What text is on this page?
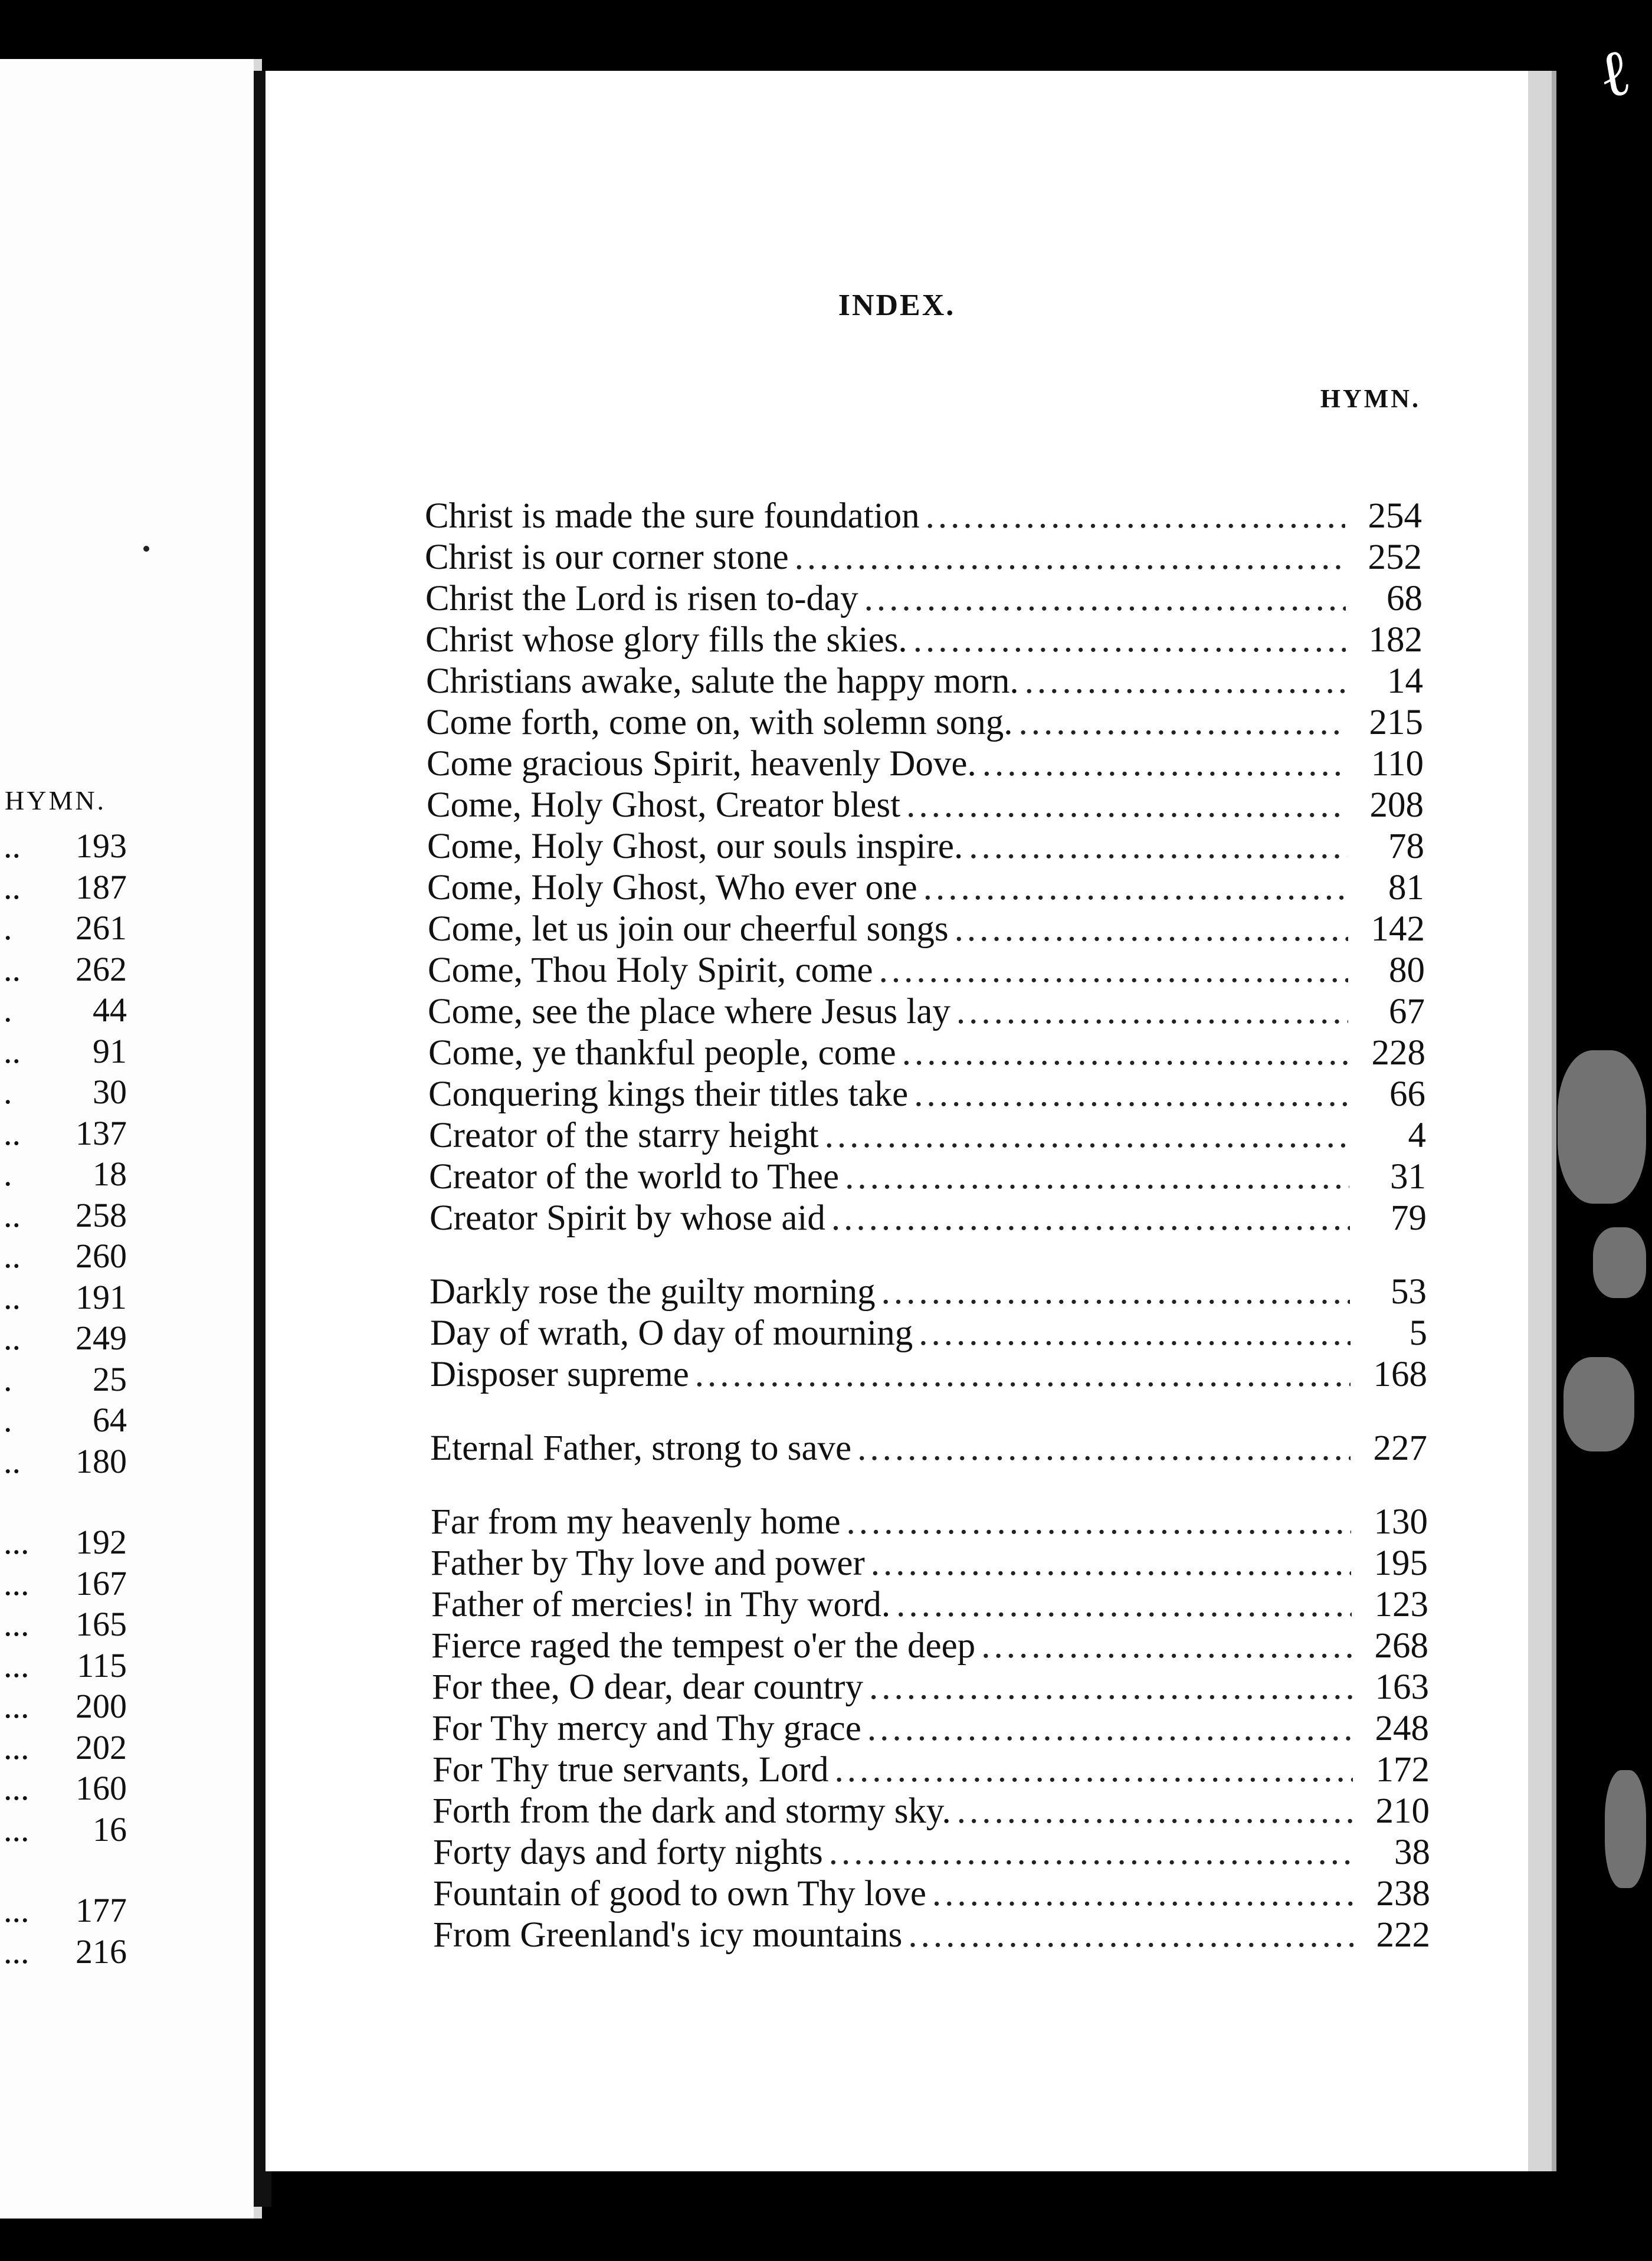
HYMN.
..	193
..	187
.	261
..	262
.	44
..	91
.	30
..	137
.	18
..	258
..	260
..	191
..	249
.	25
.	64
..	180
...	192
...	167
...	165
...	115
...	200
...	202
...	160
...	16
...	177
...	216
INDEX.
HYMN.
Christ is made the sure foundation .....	254
Christ is our corner stone .....	252
Christ the Lord is risen to-day .....	68
Christ whose glory fills the skies. .....	182
Christians awake, salute the happy morn. .....	14
Come forth, come on, with solemn song. .....	215
Come gracious Spirit, heavenly Dove. .....	110
Come, Holy Ghost, Creator blest .....	208
Come, Holy Ghost, our souls inspire. .....	78
Come, Holy Ghost, Who ever one .....	81
Come, let us join our cheerful songs .....	142
Come, Thou Holy Spirit, come .....	80
Come, see the place where Jesus lay .....	67
Come, ye thankful people, come .....	228
Conquering kings their titles take .....	66
Creator of the starry height .....	4
Creator of the world to Thee .....	31
Creator Spirit by whose aid .....	79
Darkly rose the guilty morning .....	53
Day of wrath, O day of mourning .....	5
Disposer supreme .....	168
Eternal Father, strong to save .....	227
Far from my heavenly home .....	130
Father by Thy love and power .....	195
Father of mercies! in Thy word. .....	123
Fierce raged the tempest o'er the deep .....	268
For thee, O dear, dear country .....	163
For Thy mercy and Thy grace .....	248
For Thy true servants, Lord .....	172
Forth from the dark and stormy sky. .....	210
Forty days and forty nights .....	38
Fountain of good to own Thy love .....	238
From Greenland's icy mountains .....	222
ℓ
